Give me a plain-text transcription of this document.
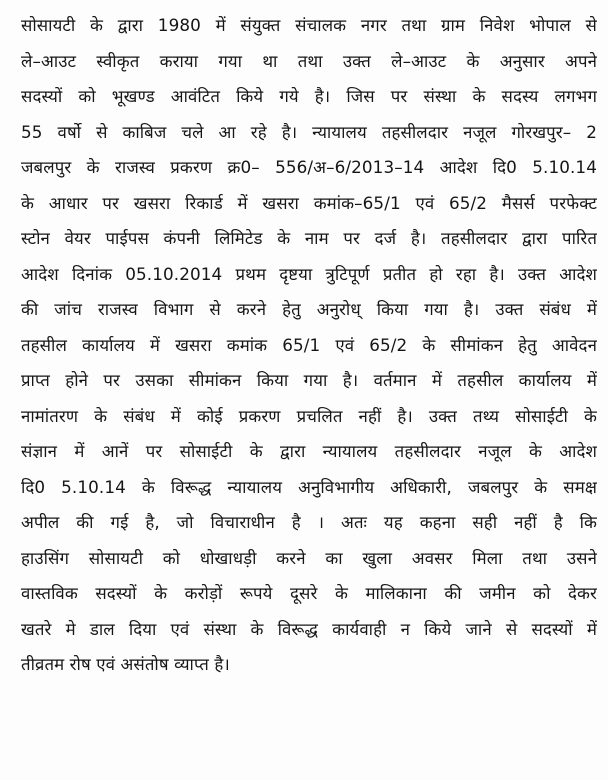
सोसायटी के द्वारा 1980 में संयुक्त संचालक नगर तथा ग्राम निवेश भोपाल से
ले–आउट स्वीकृत कराया गया था तथा उक्त ले–आउट के अनुसार अपने
सदस्यों को भूखण्ड आवंटित किये गये है। जिस पर संस्था के सदस्य लगभग
55 वर्षो से काबिज चले आ रहे है। न्यायालय तहसीलदार नजूल गोरखपुर– 2
जबलपुर के राजस्व प्रकरण क्र0– 556/अ–6/2013–14 आदेश दि0 5.10.14
के आधार पर खसरा रिकार्ड में खसरा कमांक–65/1 एवं 65/2 मैसर्स परफेक्ट
स्टोन वेयर पाईपस कंपनी लिमिटेड के नाम पर दर्ज है। तहसीलदार द्वारा पारित
आदेश दिनांक 05.10.2014 प्रथम दृष्टया त्रुटिपूर्ण प्रतीत हो रहा है। उक्त आदेश
की जांच राजस्व विभाग से करने हेतु अनुरोध् किया गया है। उक्त संबंध में
तहसील कार्यालय में खसरा कमांक 65/1 एवं 65/2 के सीमांकन हेतु आवेदन
प्राप्त होने पर उसका सीमांकन किया गया है। वर्तमान में तहसील कार्यालय में
नामांतरण के संबंध में कोई प्रकरण प्रचलित नहीं है। उक्त तथ्य सोसाईटी के
संज्ञान में आनें पर सोसाईटी के द्वारा न्यायालय तहसीलदार नजूल के आदेश
दि0 5.10.14 के विरूद्ध न्यायालय अनुविभागीय अधिकारी, जबलपुर के समक्ष
अपील की गई है, जो विचाराधीन है । अतः यह कहना सही नहीं है कि
हाउसिंग सोसायटी को धोखाधड़ी करने का खुला अवसर मिला तथा उसने
वास्तविक सदस्यों के करोड़ों रूपये दूसरे के मालिकाना की जमीन को देकर
खतरे मे डाल दिया एवं संस्था के विरूद्ध कार्यवाही न किये जाने से सदस्यों में
तीव्रतम रोष एवं असंतोष व्याप्त है।
